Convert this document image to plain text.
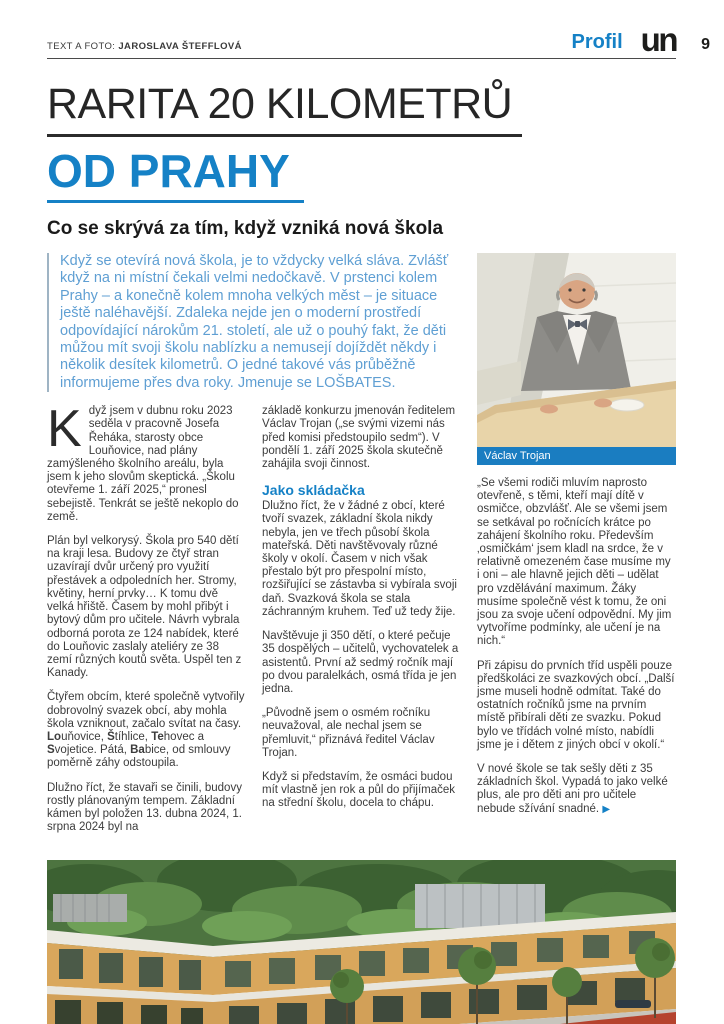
TEXT A FOTO: JAROSLAVA ŠTEFFLOVÁ	Profil un 9
RARITA 20 KILOMETRŮ
OD PRAHY
Co se skrývá za tím, když vzniká nová škola
Když se otevírá nová škola, je to vždycky velká sláva. Zvlášť když na ni místní čekali velmi nedočkavě. V prstenci kolem Prahy – a konečně kolem mnoha velkých měst – je situace ještě naléhavější. Zdaleka nejde jen o moderní prostředí odpovídající nárokům 21. století, ale už o pouhý fakt, že děti můžou mít svoji školu nablízku a nemusejí dojíždět někdy i několik desítek kilometrů. O jedné takové vás průběžně informujeme přes dva roky. Jmenuje se LOŠBATES.

Když jsem v dubnu roku 2023 seděla v pracovně Josefa Řeháka, starosty obce Louňovice, nad plány zamýšleného školního areálu, byla jsem k jeho slovům skeptická. „Školu otevřeme 1. září 2025,“ pronesl sebejistě. Tenkrát se ještě nekoplo do země.

Plán byl velkorysý. Škola pro 540 dětí na kraji lesa. Budovy ze čtyř stran uzavírají dvůr určený pro využití přestávek a odpoledních her. Stromy, květiny, herní prvky… K tomu dvě velká hřiště. Časem by mohl přibýt i bytový dům pro učitele. Návrh vybrala odborná porota ze 124 nabídek, které do Louňovic zaslaly ateliéry ze 38 zemí různých koutů světa. Uspěl ten z Kanady.

Čtyřem obcím, které společně vytvořily dobrovolný svazek obcí, aby mohla škola vzniknout, začalo svítat na časy. Louňovice, Štíhlice, Tehovec a Svojetice. Pátá, Babice, od smlouvy poměrně záhy odstoupila.

Dlužno říct, že stavaři se činili, budovy rostly plánovaným tempem. Základní kámen byl položen 13. dubna 2024, 1. srpna 2024 byl na

základě konkurzu jmenován ředitelem Václav Trojan („se svými vizemi nás před komisi předstoupilo sedm“). V pondělí 1. září 2025 škola skutečně zahájila svoji činnost.

Jako skládačka

Dlužno říct, že v žádné z obcí, které tvoří svazek, základní škola nikdy nebyla, jen ve třech působí škola mateřská. Děti navštěvovaly různé školy v okolí. Časem v nich však přestalo být pro přespolní místo, rozšiřující se zástavba si vybírala svoji daň. Svazková škola se stala záchranným kruhem. Teď už tedy žije.

Navštěvuje ji 350 dětí, o které pečuje 35 dospělých – učitelů, vychovatelek a asistentů. První až sedmý ročník mají po dvou paralelkách, osmá třída je jen jedna.

„Původně jsem o osmém ročníku neuvažoval, ale nechal jsem se přemluvit,“ přiznává ředitel Václav Trojan.

Když si představím, že osmáci budou mít vlastně jen rok a půl do přijímaček na střední školu, docela to chápu.

Václav Trojan

„Se všemi rodiči mluvím naprosto otevřeně, s těmi, kteří mají dítě v osmičce, obzvlášť. Ale se všemi jsem se setkával po ročnících krátce po zahájení školního roku. Především ‚osmičkám‘ jsem kladl na srdce, že v relativně omezeném čase musíme my i oni – ale hlavně jejich děti – udělat pro vzdělávání maximum. Žáky musíme společně vést k tomu, že oni jsou za svoje učení odpovědní. My jim vytvoříme podmínky, ale učení je na nich.“

Při zápisu do prvních tříd uspěli pouze předškoláci ze svazkových obcí. „Další jsme museli hodně odmítat. Také do ostatních ročníků jsme na prvním místě přibírali děti ze svazku. Pokud bylo ve třídách volné místo, nabídli jsme je i dětem z jiných obcí v okolí.“

V nové škole se tak sešly děti z 35 základních škol. Vypadá to jako velké plus, ale pro děti ani pro učitele nebude sžívání snadné. ▶
